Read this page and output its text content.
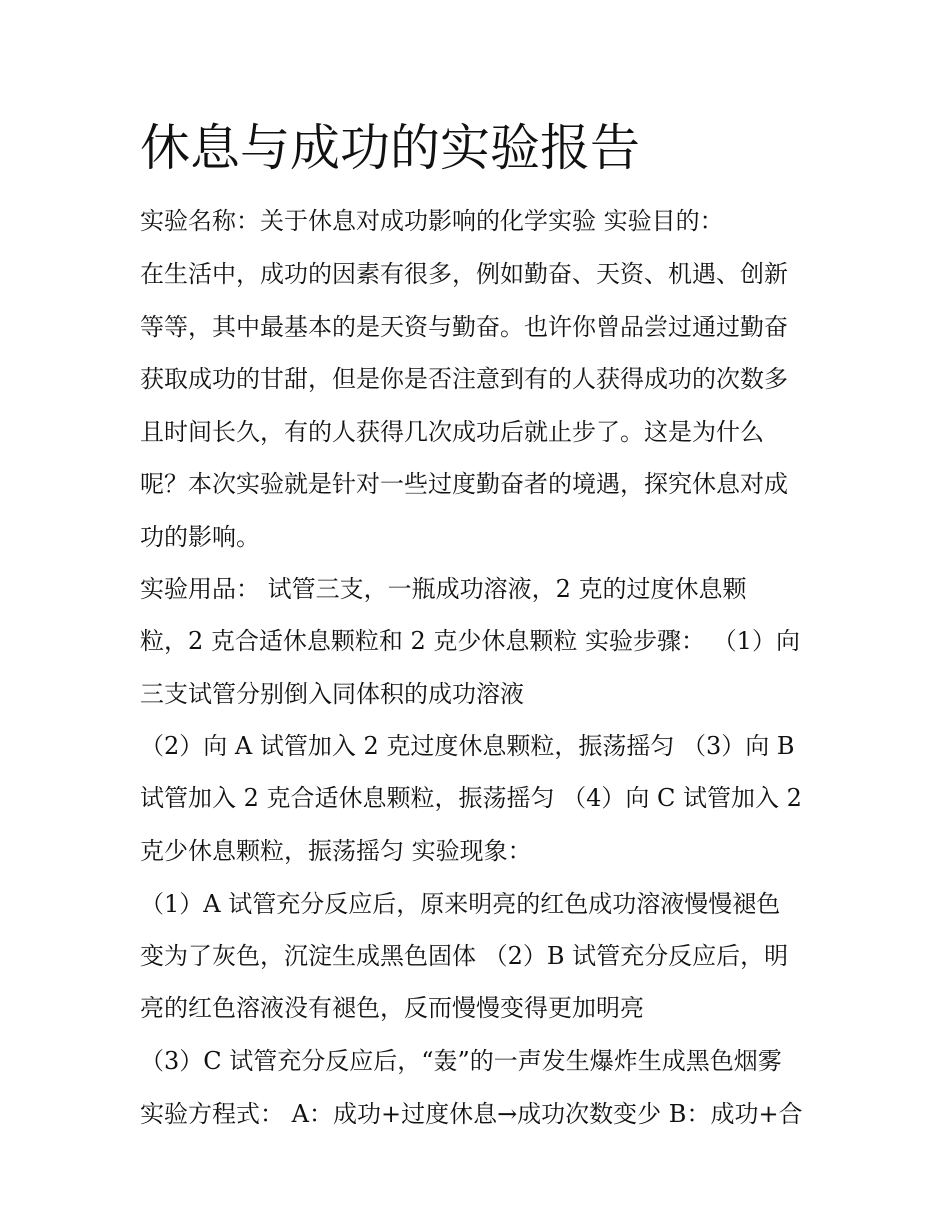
休息与成功的实验报告

实验名称：关于休息对成功影响的化学实验 实验目的：

在生活中，成功的因素有很多，例如勤奋、天资、机遇、创新

等等，其中最基本的是天资与勤奋。也许你曾品尝过通过勤奋

获取成功的甘甜，但是你是否注意到有的人获得成功的次数多

且时间长久，有的人获得几次成功后就止步了。这是为什么

呢？本次实验就是针对一些过度勤奋者的境遇，探究休息对成

功的影响。

实验用品： 试管三支，一瓶成功溶液，2 克的过度休息颗

粒，2 克合适休息颗粒和 2 克少休息颗粒 实验步骤： （1）向

三支试管分别倒入同体积的成功溶液

（2）向 A 试管加入 2 克过度休息颗粒，振荡摇匀 （3）向 B

试管加入 2 克合适休息颗粒，振荡摇匀 （4）向 C 试管加入 2

克少休息颗粒，振荡摇匀 实验现象：

（1）A 试管充分反应后，原来明亮的红色成功溶液慢慢褪色

变为了灰色，沉淀生成黑色固体 （2）B 试管充分反应后，明

亮的红色溶液没有褪色，反而慢慢变得更加明亮

（3）C 试管充分反应后，“轰”的一声发生爆炸生成黑色烟雾

实验方程式： A：成功+过度休息→成功次数变少 B：成功+合
